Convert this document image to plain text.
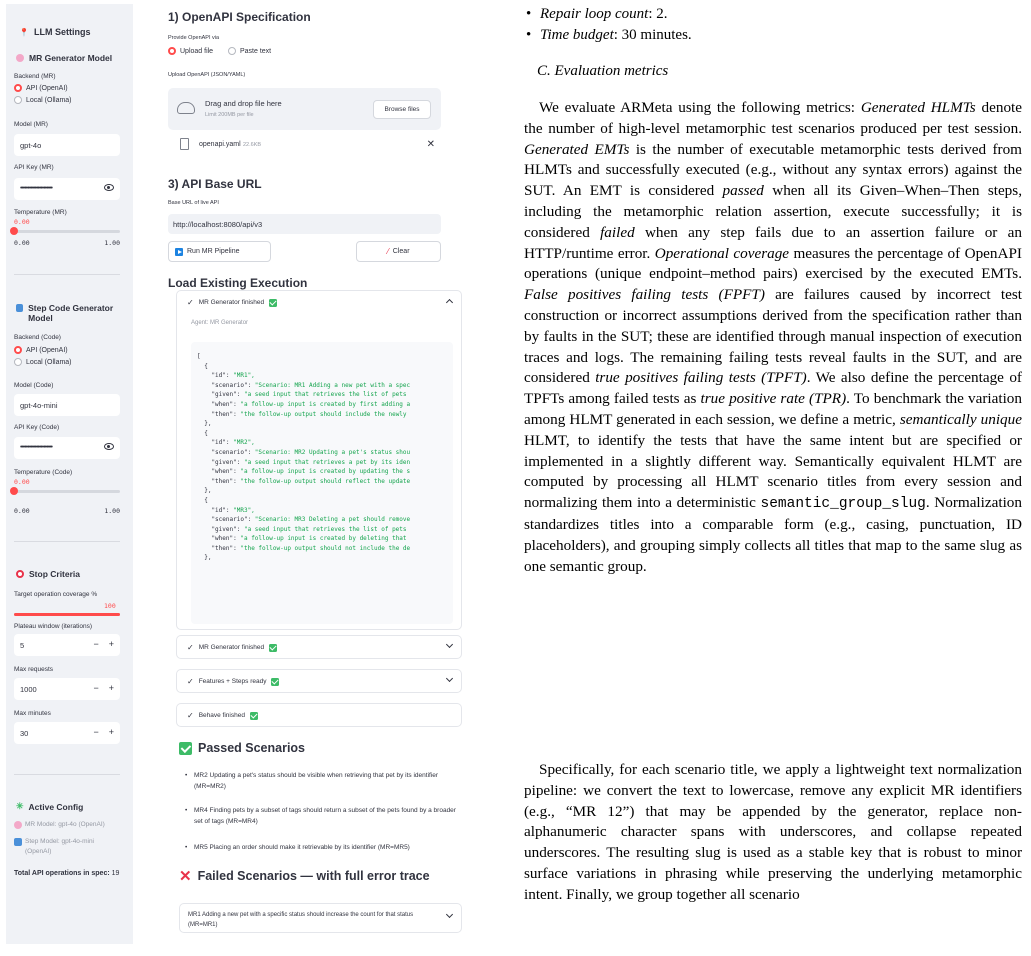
📍 LLM Settings
MR Generator Model
Backend (MR)
API (OpenAI)
Local (Ollama)
Model (MR)
gpt-4o
API Key (MR)
••••••••••••••••••••••
Temperature (MR)
0.00
0.00	1.00
Step Code Generator Model
Backend (Code)
API (OpenAI)
Local (Ollama)
Model (Code)
gpt-4o-mini
API Key (Code)
••••••••••••••••••••••
Temperature (Code)
0.00
0.00	1.00
Stop Criteria
Target operation coverage %
100
Plateau window (iterations)
5	− +
Max requests
1000	− +
Max minutes
30	− +
✳ Active Config
MR Model: gpt-4o (OpenAI)
Step Model: gpt-4o-mini (OpenAI)
Total API operations in spec: 19
1) OpenAPI Specification
Provide OpenAPI via
Upload file	Paste text
Upload OpenAPI (JSON/YAML)
Drag and drop file here
Limit 200MB per file
Browse files
openapi.yaml 22.6KB	✕
3) API Base URL
Base URL of live API
http://localhost:8080/api/v3
Run MR Pipeline	⁄ Clear
Load Existing Execution
✓ MR Generator finished
Agent: MR Generator
[
{
"id": "MR1",
"scenario": "Scenario: MR1 Adding a new pet with a spec
"given": "a seed input that retrieves the list of pets
"when": "a follow-up input is created by first adding a
"then": "the follow-up output should include the newly
},
{
"id": "MR2",
"scenario": "Scenario: MR2 Updating a pet's status shou
"given": "a seed input that retrieves a pet by its iden
"when": "a follow-up input is created by updating the s
"then": "the follow-up output should reflect the update
},
{
"id": "MR3",
"scenario": "Scenario: MR3 Deleting a pet should remove
"given": "a seed input that retrieves the list of pets
"when": "a follow-up input is created by deleting that
"then": "the follow-up output should not include the de
},
✓ MR Generator finished
✓ Features + Steps ready
✓ Behave finished
Passed Scenarios
• MR2 Updating a pet's status should be visible when retrieving that pet by its identifier (MR=MR2)
• MR4 Finding pets by a subset of tags should return a subset of the pets found by a broader set of tags (MR=MR4)
• MR5 Placing an order should make it retrievable by its identifier (MR=MR5)
✕ Failed Scenarios — with full error trace
MR1 Adding a new pet with a specific status should increase the count for that status (MR=MR1)
• Repair loop count: 2.
• Time budget: 30 minutes.
C. Evaluation metrics
We evaluate ARMeta using the following metrics: Generated HLMTs denote the number of high-level metamorphic test scenarios produced per test session. Generated EMTs is the number of executable metamorphic tests derived from HLMTs and successfully executed (e.g., without any syntax errors) against the SUT. An EMT is considered passed when all its Given–When–Then steps, including the metamorphic relation assertion, execute successfully; it is considered failed when any step fails due to an assertion failure or an HTTP/runtime error. Operational coverage measures the percentage of OpenAPI operations (unique endpoint–method pairs) exercised by the executed EMTs. False positives failing tests (FPFT) are failures caused by incorrect test construction or incorrect assumptions derived from the specification rather than by faults in the SUT; these are identified through manual inspection of execution traces and logs. The remaining failing tests reveal faults in the SUT, and are considered true positives failing tests (TPFT). We also define the percentage of TPFTs among failed tests as true positive rate (TPR). To benchmark the variation among HLMT generated in each session, we define a metric, semantically unique HLMT, to identify the tests that have the same intent but are specified or implemented in a slightly different way. Semantically equivalent HLMT are computed by processing all HLMT scenario titles from every session and normalizing them into a deterministic semantic_group_slug. Normalization standardizes titles into a comparable form (e.g., casing, punctuation, ID placeholders), and grouping simply collects all titles that map to the same slug as one semantic group.
Specifically, for each scenario title, we apply a lightweight text normalization pipeline: we convert the text to lowercase, remove any explicit MR identifiers (e.g., “MR 12”) that may be appended by the generator, replace non-alphanumeric character spans with underscores, and collapse repeated underscores. The resulting slug is used as a stable key that is robust to minor surface variations in phrasing while preserving the underlying metamorphic intent. Finally, we group together all scenario
